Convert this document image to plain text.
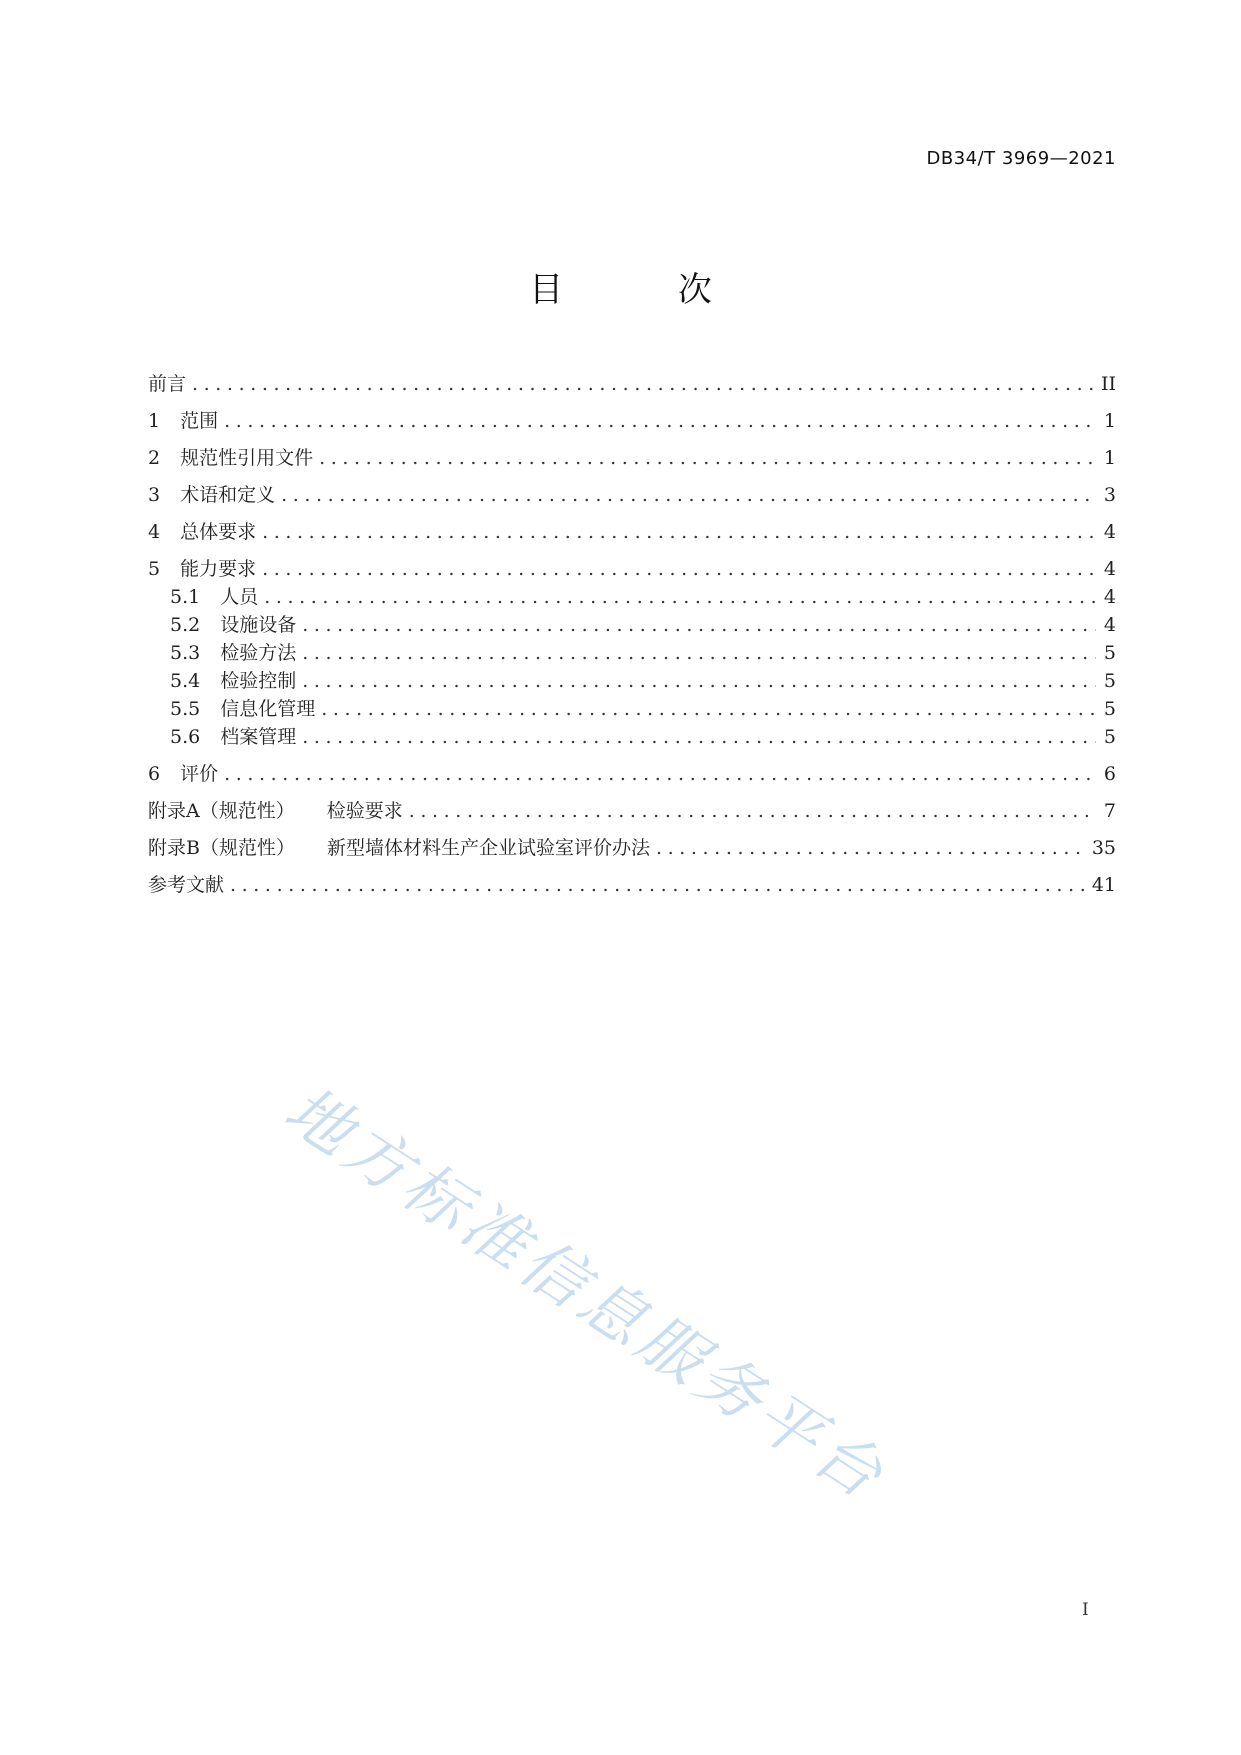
DB34/T 3969—2021
目 次
前言 .....	II
1 范围 .....	1
2 规范性引用文件 .....	1
3 术语和定义 .....	3
4 总体要求 .....	4
5 能力要求 .....	4
5.1 人员 .....	4
5.2 设施设备 .....	4
5.3 检验方法 .....	5
5.4 检验控制 .....	5
5.5 信息化管理 .....	5
5.6 档案管理 .....	5
6 评价 .....	6
附录A（规范性） 检验要求 .....	7
附录B（规范性） 新型墙体材料生产企业试验室评价办法 .....	35
参考文献 .....	41
地方标准信息服务平台
I
